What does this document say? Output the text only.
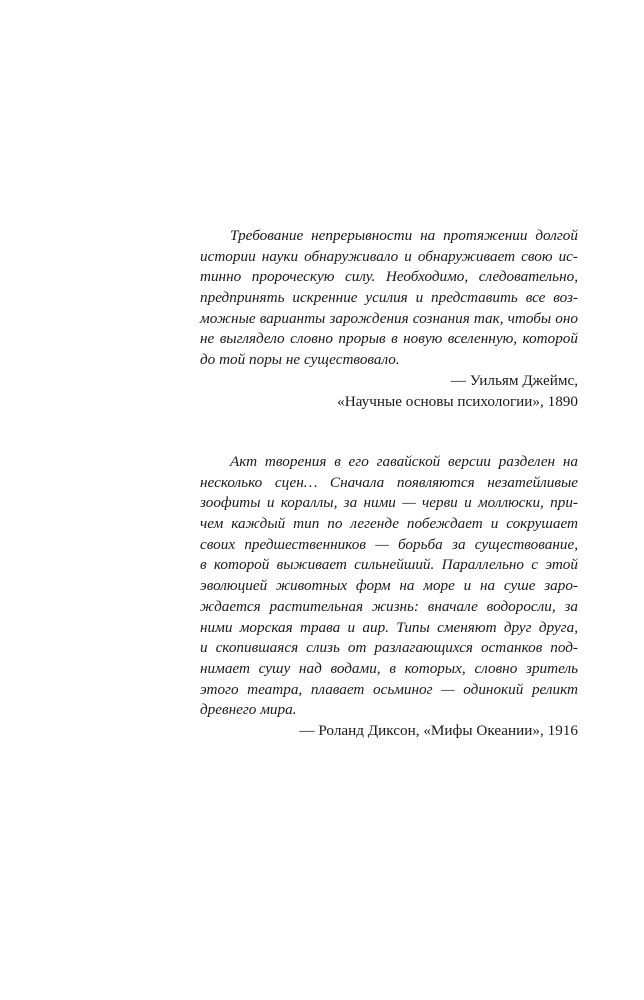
Требование непрерывности на протяжении долгой
истории науки обнаруживало и обнаруживает свою ис-
тинно пророческую силу. Необходимо, следовательно,
предпринять искренние усилия и представить все воз-
можные варианты зарождения сознания так, чтобы оно
не выглядело словно прорыв в новую вселенную, которой
до той поры не существовало.
— Уильям Джеймс,
«Научные основы психологии», 1890
Акт творения в его гавайской версии разделен на
несколько сцен… Сначала появляются незатейливые
зоофиты и кораллы, за ними — черви и моллюски, при-
чем каждый тип по легенде побеждает и сокрушает
своих предшественников — борьба за существование,
в которой выживает сильнейший. Параллельно с этой
эволюцией животных форм на море и на суше заро-
ждается растительная жизнь: вначале водоросли, за
ними морская трава и аир. Типы сменяют друг друга,
и скопившаяся слизь от разлагающихся останков под-
нимает сушу над водами, в которых, словно зритель
этого театра, плавает осьминог — одинокий реликт
древнего мира.
— Роланд Диксон, «Мифы Океании», 1916
